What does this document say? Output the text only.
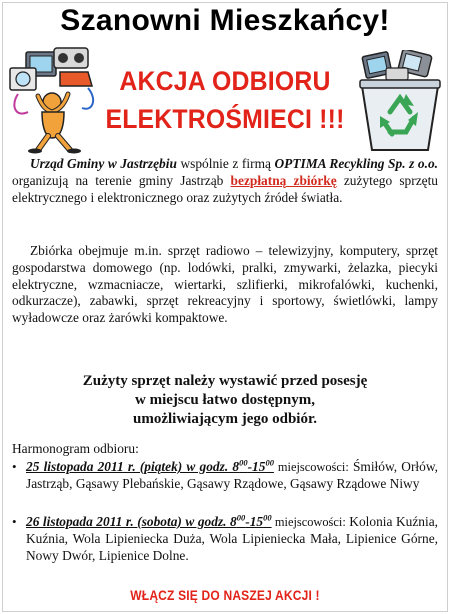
Szanowni Mieszkańcy!
AKCJA ODBIORU
ELEKTROŚMIECI !!!

Urząd Gminy w Jastrzębiu wspólnie z firmą OPTIMA Recykling Sp. z o.o. organizują na terenie gminy Jastrząb bezpłatną zbiórkę zużytego sprzętu elektrycznego i elektronicznego oraz zużytych źródeł światła.

Zbiórka obejmuje m.in. sprzęt radiowo – telewizyjny, komputery, sprzęt gospodarstwa domowego (np. lodówki, pralki, zmywarki, żelazka, piecyki elektryczne, wzmacniacze, wiertarki, szlifierki, mikrofalówki, kuchenki, odkurzacze), zabawki, sprzęt rekreacyjny i sportowy, świetlówki, lampy wyładowcze oraz żarówki kompaktowe.

Zużyty sprzęt należy wystawić przed posesję
w miejscu łatwo dostępnym,
umożliwiającym jego odbiór.
Harmonogram odbioru:
• 25 listopada 2011 r. (piątek) w godz. $8^{00}-15^{00}$ miejscowości: Śmiłów, Orłów, Jastrząb, Gąsawy Plebańskie, Gąsawy Rządowe, Gąsawy Rządowe Niwy
• 26 listopada 2011 r. (sobota) w godz. $8^{00}-15^{00}$ miejscowości: Kolonia Kuźnia, Kuźnia, Wola Lipieniecka Duża, Wola Lipieniecka Mała, Lipienice Górne, Nowy Dwór, Lipienice Dolne.
WŁĄCZ SIĘ DO NASZEJ AKCJI !
